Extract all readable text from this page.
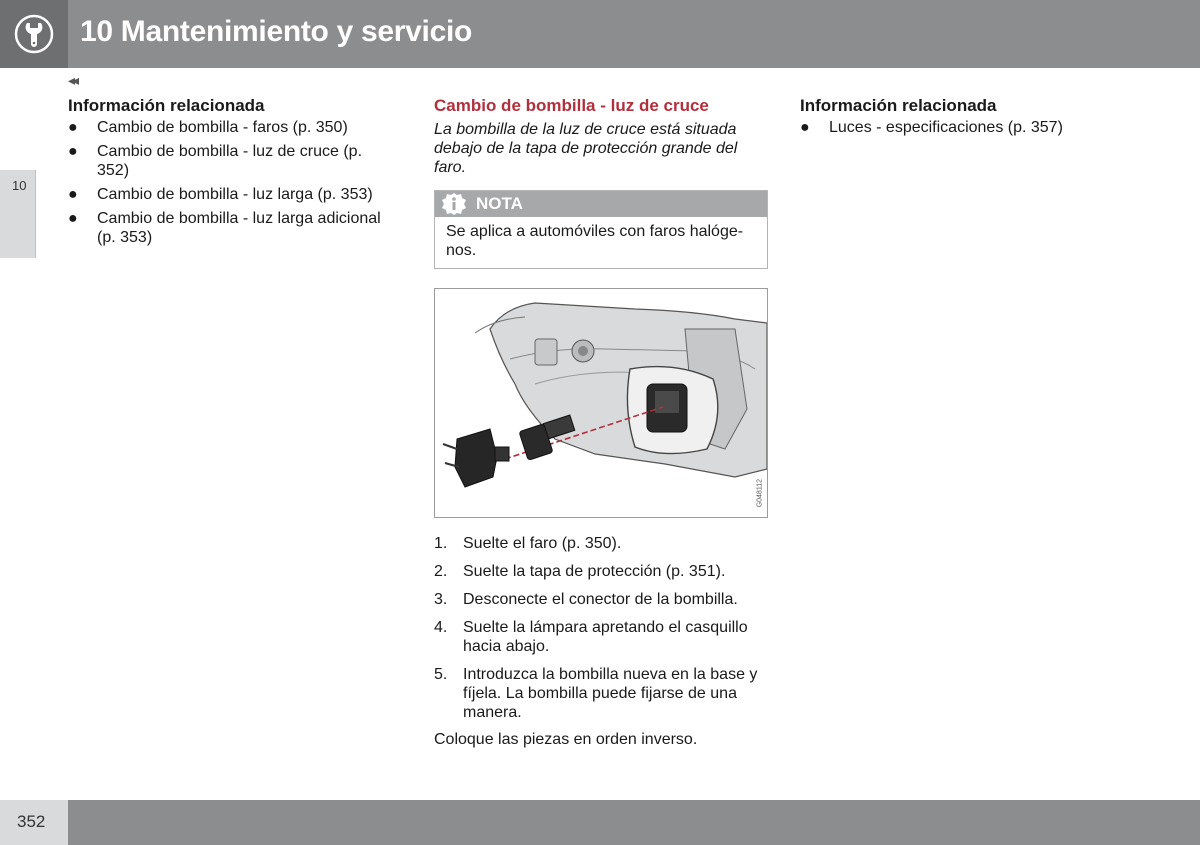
10 Mantenimiento y servicio
10
◂◂
Información relacionada
● Cambio de bombilla - faros (p. 350)
● Cambio de bombilla - luz de cruce (p. 352)
● Cambio de bombilla - luz larga (p. 353)
● Cambio de bombilla - luz larga adicional (p. 353)
Cambio de bombilla - luz de cruce
La bombilla de la luz de cruce está situada debajo de la tapa de protección grande del faro.
NOTA
Se aplica a automóviles con faros halógenos.
G048112
1. Suelte el faro (p. 350).
2. Suelte la tapa de protección (p. 351).
3. Desconecte el conector de la bombilla.
4. Suelte la lámpara apretando el casquillo hacia abajo.
5. Introduzca la bombilla nueva en la base y fíjela. La bombilla puede fijarse de una manera.
Coloque las piezas en orden inverso.
Información relacionada
● Luces - especificaciones (p. 357)
352
